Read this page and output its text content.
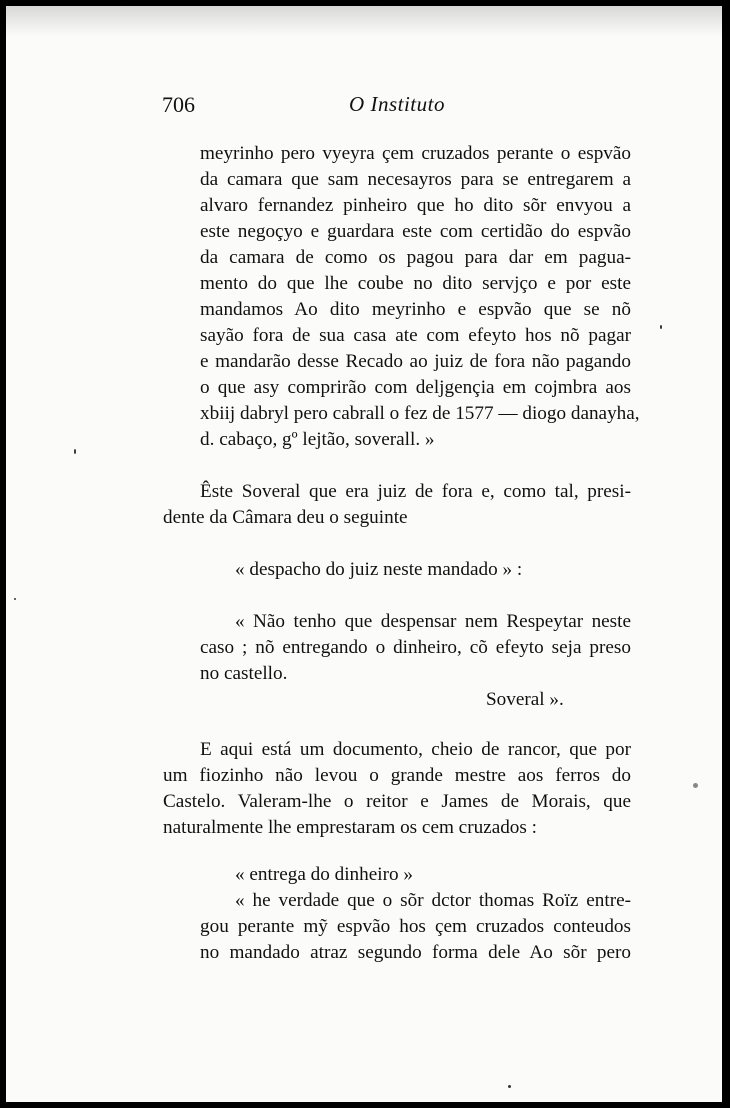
706	O Instituto
meyrinho pero vyeyra çem cruzados perante o espvão
da camara que sam necesayros para se entregarem a
alvaro fernandez pinheiro que ho dito sõr envyou a
este negoçyo e guardara este com certidão do espvão
da camara de como os pagou para dar em pagua-
mento do que lhe coube no dito servjço e por este
mandamos Ao dito meyrinho e espvão que se nõ
sayão fora de sua casa ate com efeyto hos nõ pagar
e mandarão desse Recado ao juiz de fora não pagando
o que asy comprirão com deljgençia em cojmbra aos
xbiij dabryl pero cabrall o fez de 1577 — diogo danayha,
d. cabaço, gº lejtão, soverall. »
Êste Soveral que era juiz de fora e, como tal, presi-
dente da Câmara deu o seguinte
« despacho do juiz neste mandado » :
« Não tenho que despensar nem Respeytar neste
caso ; nõ entregando o dinheiro, cõ efeyto seja preso
no castello.
Soveral ».
E aqui está um documento, cheio de rancor, que por
um fiozinho não levou o grande mestre aos ferros do
Castelo. Valeram-lhe o reitor e James de Morais, que
naturalmente lhe emprestaram os cem cruzados :
« entrega do dinheiro »
« he verdade que o sõr dctor thomas Roïz entre-
gou perante mỹ espvão hos çem cruzados conteudos
no mandado atraz segundo forma dele Ao sõr pero
